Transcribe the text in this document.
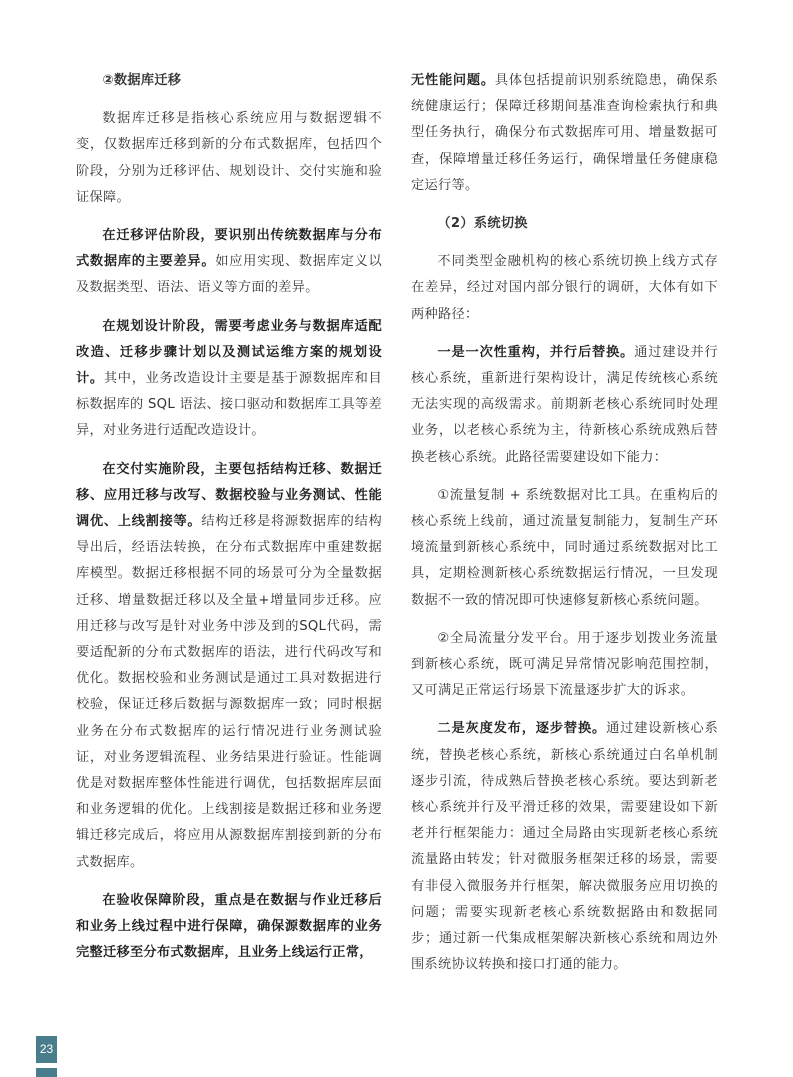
②数据库迁移

数据库迁移是指核心系统应用与数据逻辑不变，仅数据库迁移到新的分布式数据库，包括四个阶段，分别为迁移评估、规划设计、交付实施和验证保障。

在迁移评估阶段，要识别出传统数据库与分布式数据库的主要差异。如应用实现、数据库定义以及数据类型、语法、语义等方面的差异。

在规划设计阶段，需要考虑业务与数据库适配改造、迁移步骤计划以及测试运维方案的规划设计。其中，业务改造设计主要是基于源数据库和目标数据库的 SQL 语法、接口驱动和数据库工具等差异，对业务进行适配改造设计。

在交付实施阶段，主要包括结构迁移、数据迁移、应用迁移与改写、数据校验与业务测试、性能调优、上线割接等。结构迁移是将源数据库的结构导出后，经语法转换，在分布式数据库中重建数据库模型。数据迁移根据不同的场景可分为全量数据迁移、增量数据迁移以及全量+增量同步迁移。应用迁移与改写是针对业务中涉及到的SQL代码，需要适配新的分布式数据库的语法，进行代码改写和优化。数据校验和业务测试是通过工具对数据进行校验，保证迁移后数据与源数据库一致；同时根据业务在分布式数据库的运行情况进行业务测试验证，对业务逻辑流程、业务结果进行验证。性能调优是对数据库整体性能进行调优，包括数据库层面和业务逻辑的优化。上线割接是数据迁移和业务逻辑迁移完成后，将应用从源数据库割接到新的分布式数据库。

在验收保障阶段，重点是在数据与作业迁移后和业务上线过程中进行保障，确保源数据库的业务完整迁移至分布式数据库，且业务上线运行正常，

无性能问题。具体包括提前识别系统隐患，确保系统健康运行；保障迁移期间基准查询检索执行和典型任务执行，确保分布式数据库可用、增量数据可查，保障增量迁移任务运行，确保增量任务健康稳定运行等。

（2）系统切换

不同类型金融机构的核心系统切换上线方式存在差异，经过对国内部分银行的调研，大体有如下两种路径：

一是一次性重构，并行后替换。通过建设并行核心系统，重新进行架构设计，满足传统核心系统无法实现的高级需求。前期新老核心系统同时处理业务，以老核心系统为主，待新核心系统成熟后替换老核心系统。此路径需要建设如下能力：

①流量复制 + 系统数据对比工具。在重构后的核心系统上线前，通过流量复制能力，复制生产环境流量到新核心系统中，同时通过系统数据对比工具，定期检测新核心系统数据运行情况，一旦发现数据不一致的情况即可快速修复新核心系统问题。

②全局流量分发平台。用于逐步划拨业务流量到新核心系统，既可满足异常情况影响范围控制，又可满足正常运行场景下流量逐步扩大的诉求。

二是灰度发布，逐步替换。通过建设新核心系统，替换老核心系统，新核心系统通过白名单机制逐步引流，待成熟后替换老核心系统。要达到新老核心系统并行及平滑迁移的效果，需要建设如下新老并行框架能力：通过全局路由实现新老核心系统流量路由转发；针对微服务框架迁移的场景，需要有非侵入微服务并行框架，解决微服务应用切换的问题；需要实现新老核心系统数据路由和数据同步；通过新一代集成框架解决新核心系统和周边外围系统协议转换和接口打通的能力。

23
